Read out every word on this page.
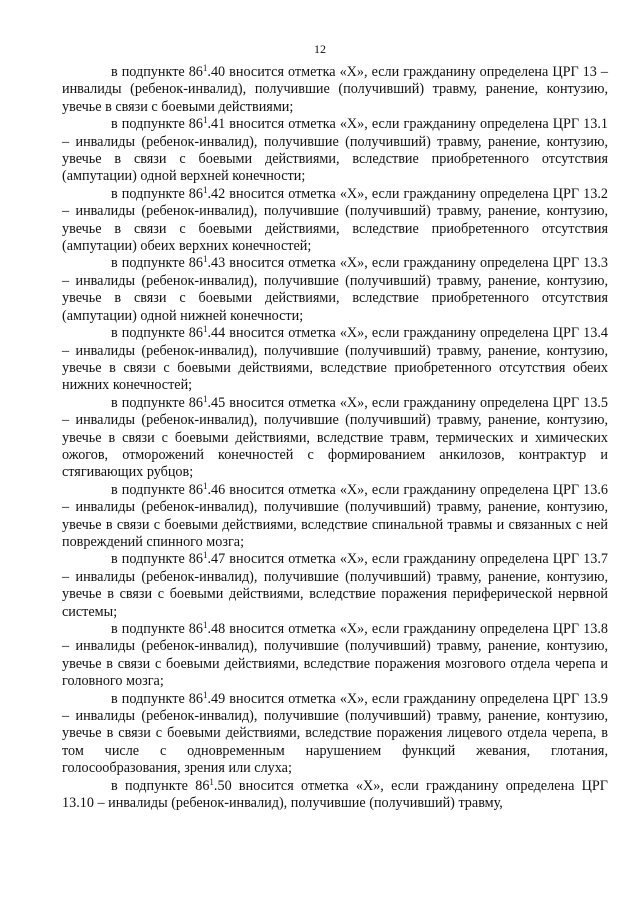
12

в подпункте $86^1.40$ вносится отметка «X», если гражданину определена ЦРГ 13 – инвалиды (ребенок-инвалид), получившие (получивший) травму, ранение, контузию, увечье в связи с боевыми действиями;

в подпункте $86^1.41$ вносится отметка «X», если гражданину определена ЦРГ 13.1 – инвалиды (ребенок-инвалид), получившие (получивший) травму, ранение, контузию, увечье в связи с боевыми действиями, вследствие приобретенного отсутствия (ампутации) одной верхней конечности;

в подпункте $86^1.42$ вносится отметка «X», если гражданину определена ЦРГ 13.2 – инвалиды (ребенок-инвалид), получившие (получивший) травму, ранение, контузию, увечье в связи с боевыми действиями, вследствие приобретенного отсутствия (ампутации) обеих верхних конечностей;

в подпункте $86^1.43$ вносится отметка «X», если гражданину определена ЦРГ 13.3 – инвалиды (ребенок-инвалид), получившие (получивший) травму, ранение, контузию, увечье в связи с боевыми действиями, вследствие приобретенного отсутствия (ампутации) одной нижней конечности;

в подпункте $86^1.44$ вносится отметка «X», если гражданину определена ЦРГ 13.4 – инвалиды (ребенок-инвалид), получившие (получивший) травму, ранение, контузию, увечье в связи с боевыми действиями, вследствие приобретенного отсутствия обеих нижних конечностей;

в подпункте $86^1.45$ вносится отметка «X», если гражданину определена ЦРГ 13.5 – инвалиды (ребенок-инвалид), получившие (получивший) травму, ранение, контузию, увечье в связи с боевыми действиями, вследствие травм, термических и химических ожогов, отморожений конечностей с формированием анкилозов, контрактур и стягивающих рубцов;

в подпункте $86^1.46$ вносится отметка «X», если гражданину определена ЦРГ 13.6 – инвалиды (ребенок-инвалид), получившие (получивший) травму, ранение, контузию, увечье в связи с боевыми действиями, вследствие спинальной травмы и связанных с ней повреждений спинного мозга;

в подпункте $86^1.47$ вносится отметка «X», если гражданину определена ЦРГ 13.7 – инвалиды (ребенок-инвалид), получившие (получивший) травму, ранение, контузию, увечье в связи с боевыми действиями, вследствие поражения периферической нервной системы;

в подпункте $86^1.48$ вносится отметка «X», если гражданину определена ЦРГ 13.8 – инвалиды (ребенок-инвалид), получившие (получивший) травму, ранение, контузию, увечье в связи с боевыми действиями, вследствие поражения мозгового отдела черепа и головного мозга;

в подпункте $86^1.49$ вносится отметка «X», если гражданину определена ЦРГ 13.9 – инвалиды (ребенок-инвалид), получившие (получивший) травму, ранение, контузию, увечье в связи с боевыми действиями, вследствие поражения лицевого отдела черепа, в том числе с одновременным нарушением функций жевания, глотания, голосообразования, зрения или слуха;

в подпункте $86^1.50$ вносится отметка «X», если гражданину определена ЦРГ 13.10 – инвалиды (ребенок-инвалид), получившие (получивший) травму,
